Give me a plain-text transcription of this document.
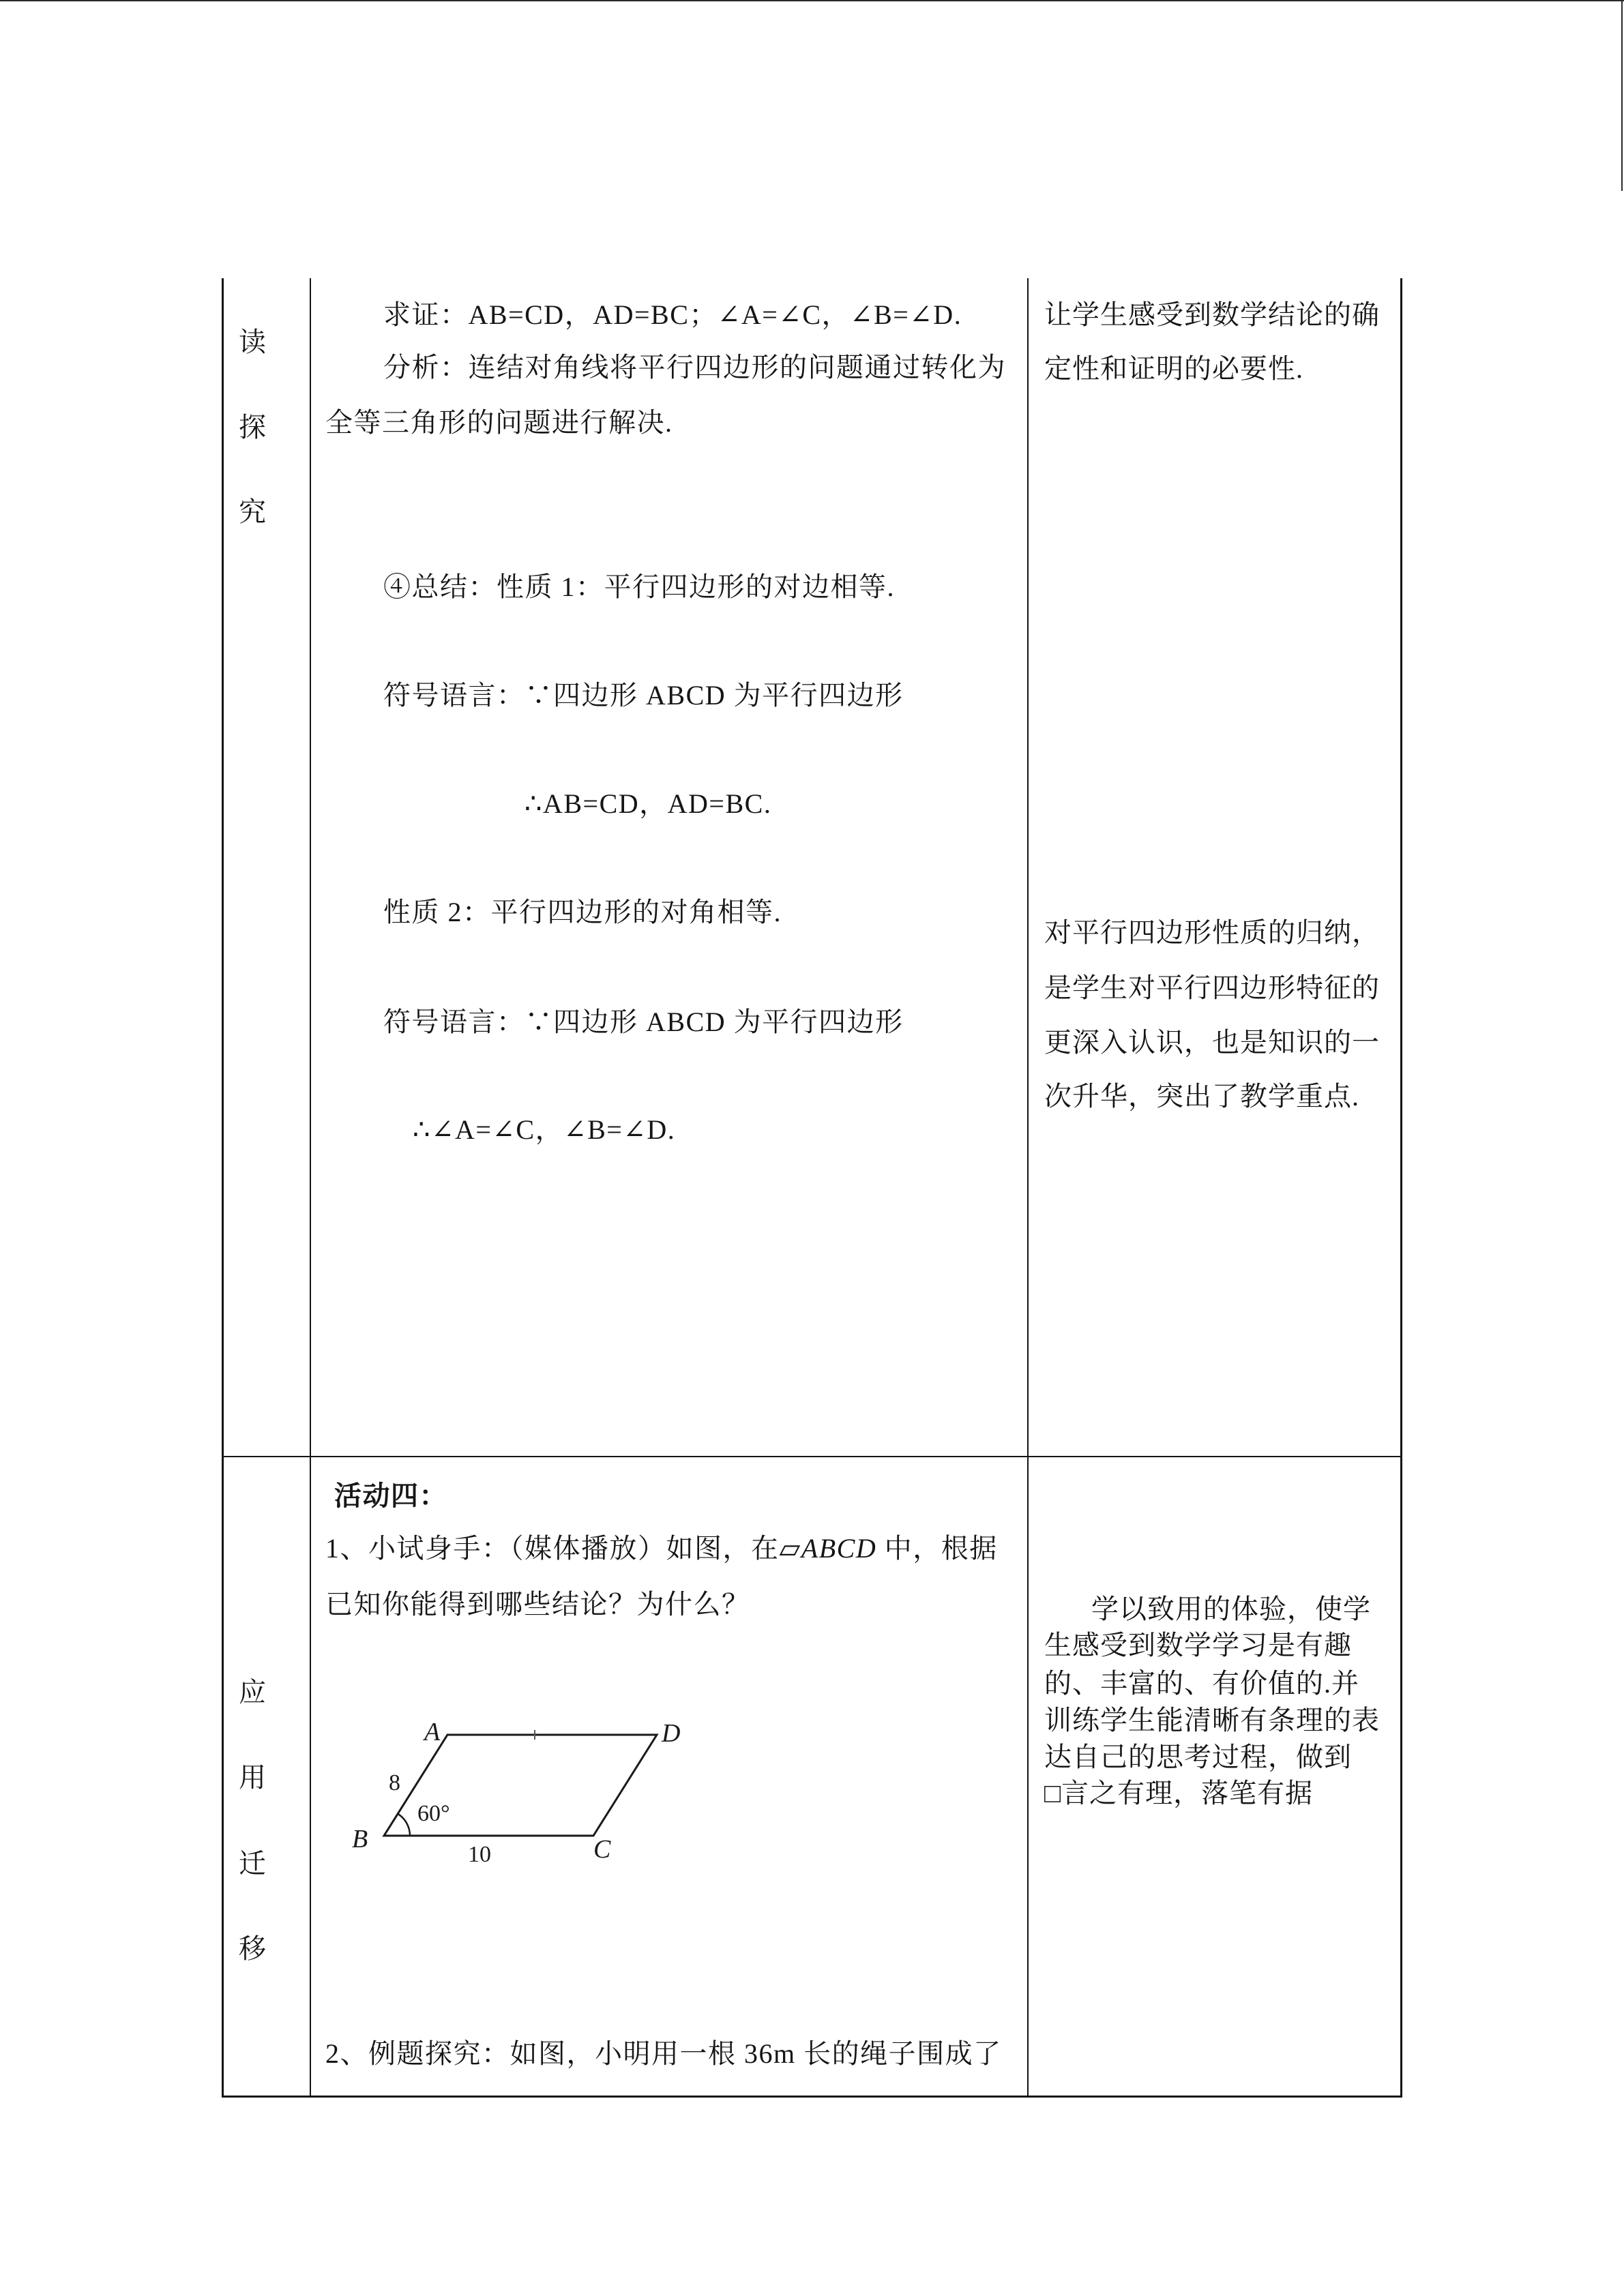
读
探
究
求证：AB=CD，AD=BC；∠A=∠C，∠B=∠D.
分析：连结对角线将平行四边形的问题通过转化为
全等三角形的问题进行解决.
④总结：性质 1：平行四边形的对边相等.
符号语言：∵四边形 ABCD 为平行四边形
∴AB=CD，AD=BC.
性质 2：平行四边形的对角相等.
符号语言：∵四边形 ABCD 为平行四边形
∴∠A=∠C，∠B=∠D.
让学生感受到数学结论的确
定性和证明的必要性.
对平行四边形性质的归纳，
是学生对平行四边形特征的
更深入认识，也是知识的一
次升华，突出了教学重点.
应
用
迁
移
活动四：
1、小试身手：（媒体播放）如图，在▱ABCD 中，根据
已知你能得到哪些结论？为什么？
A	D
B	C
8
60°
10
2、例题探究：如图，小明用一根 36m 长的绳子围成了
学以致用的体验，使学
生感受到数学学习是有趣
的、丰富的、有价值的.并
训练学生能清晰有条理的表
达自己的思考过程，做到
□言之有理，落笔有据
